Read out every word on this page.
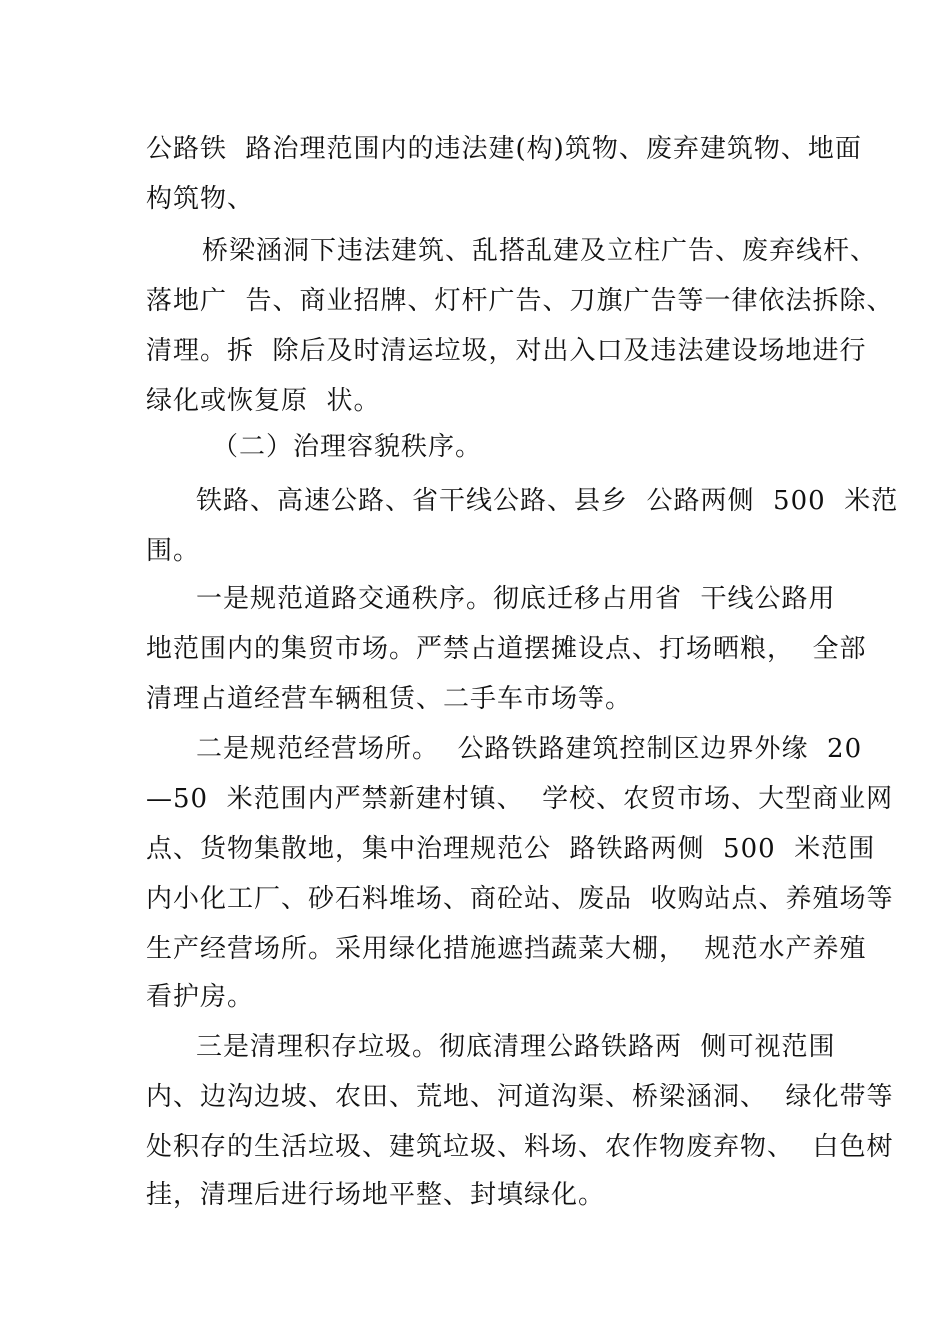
公路铁  路治理范围内的违法建(构)筑物、废弃建筑物、地面

构筑物、

桥梁涵洞下违法建筑、乱搭乱建及立柱广告、废弃线杆、

落地广  告、商业招牌、灯杆广告、刀旗广告等一律依法拆除、

清理。拆  除后及时清运垃圾，对出入口及违法建设场地进行

绿化或恢复原  状。

（二）治理容貌秩序。

铁路、高速公路、省干线公路、县乡  公路两侧  500  米范

围。

一是规范道路交通秩序。彻底迁移占用省  干线公路用

地范围内的集贸市场。严禁占道摆摊设点、打场晒粮，  全部

清理占道经营车辆租赁、二手车市场等。

二是规范经营场所。  公路铁路建筑控制区边界外缘  20

—50  米范围内严禁新建村镇、  学校、农贸市场、大型商业网

点、货物集散地，集中治理规范公  路铁路两侧  500  米范围

内小化工厂、砂石料堆场、商砼站、废品  收购站点、养殖场等

生产经营场所。采用绿化措施遮挡蔬菜大棚，  规范水产养殖

看护房。

三是清理积存垃圾。彻底清理公路铁路两  侧可视范围

内、边沟边坡、农田、荒地、河道沟渠、桥梁涵洞、  绿化带等

处积存的生活垃圾、建筑垃圾、料场、农作物废弃物、  白色树

挂，清理后进行场地平整、封填绿化。
